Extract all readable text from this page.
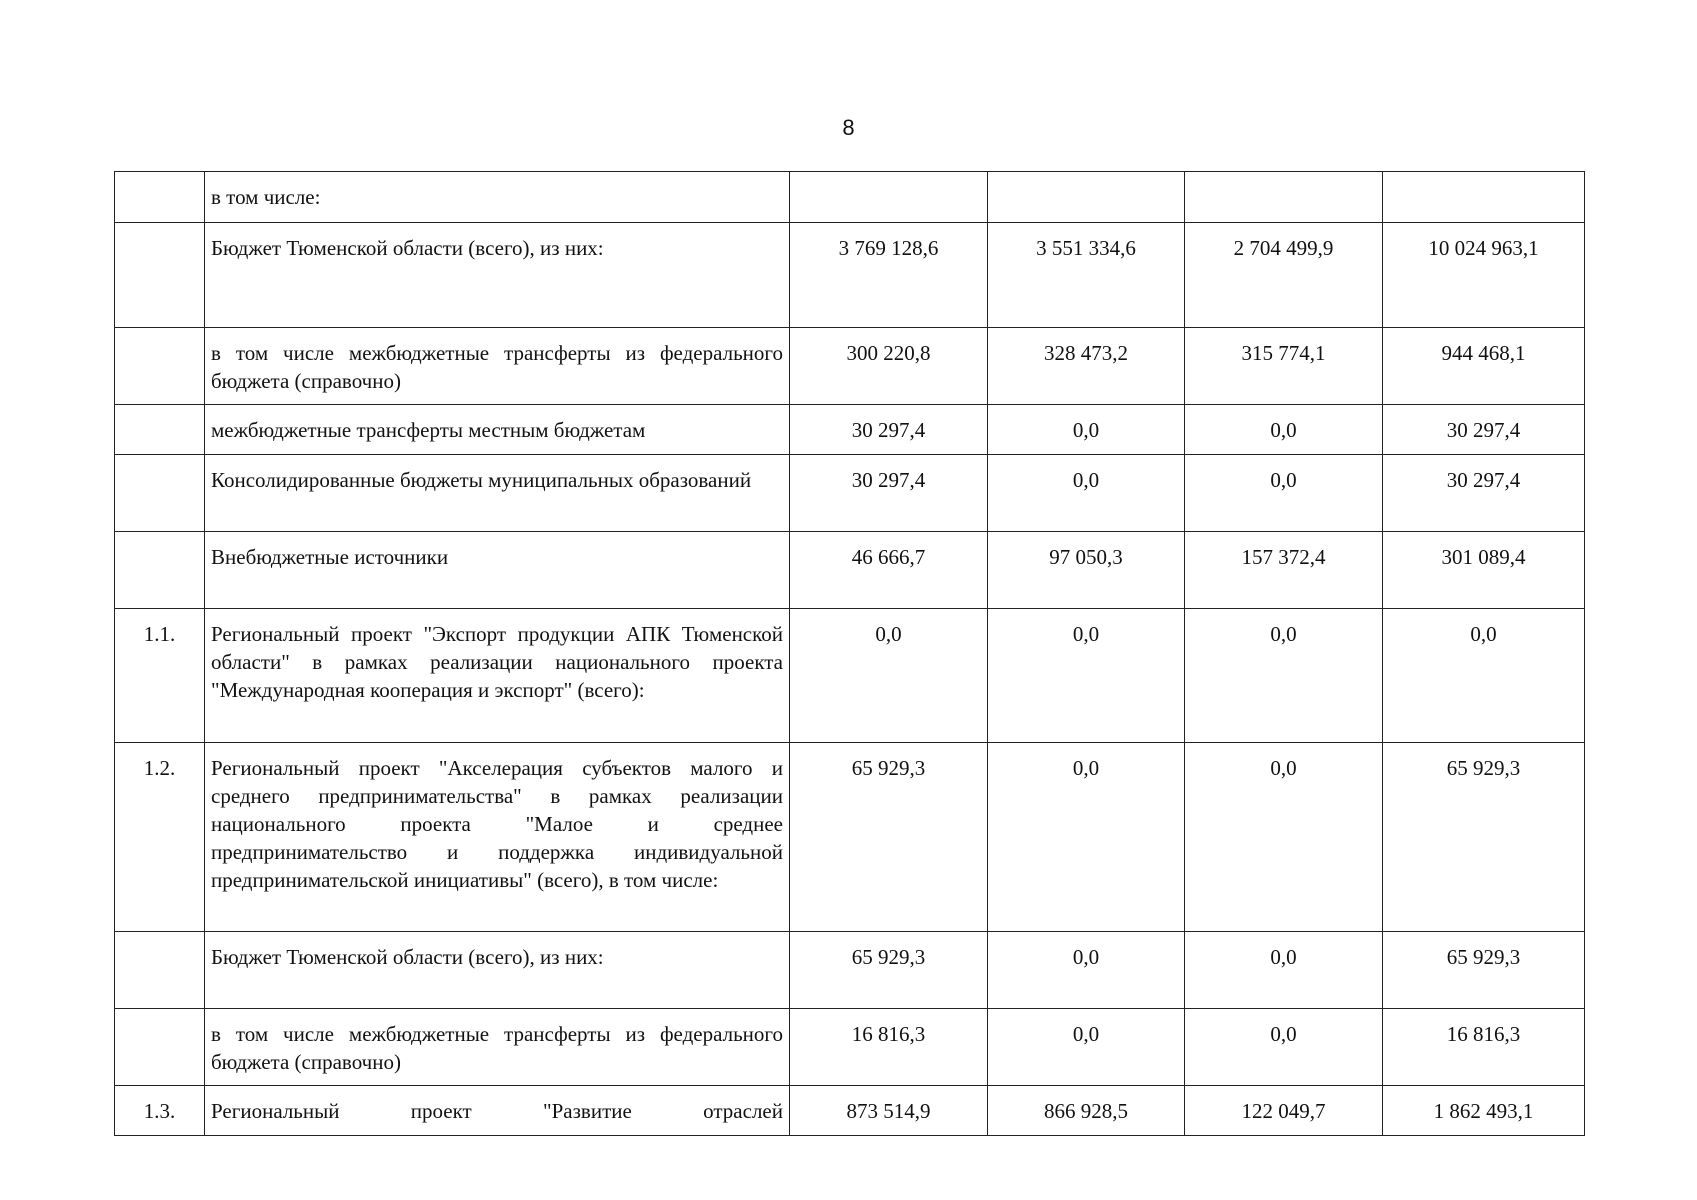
8
	в том числе:				
	Бюджет Тюменской области (всего), из них:	3 769 128,6	3 551 334,6	2 704 499,9	10 024 963,1
	в том числе межбюджетные трансферты из федерального бюджета (справочно)	300 220,8	328 473,2	315 774,1	944 468,1
	межбюджетные трансферты местным бюджетам	30 297,4	0,0	0,0	30 297,4
	Консолидированные бюджеты муниципальных образований	30 297,4	0,0	0,0	30 297,4
	Внебюджетные источники	46 666,7	97 050,3	157 372,4	301 089,4
1.1.	Региональный проект "Экспорт продукции АПК Тюменской области" в рамках реализации национального проекта "Международная кооперация и экспорт" (всего):	0,0	0,0	0,0	0,0
1.2.	Региональный проект "Акселерация субъектов малого и среднего предпринимательства" в рамках реализации национального проекта "Малое и среднее предпринимательство и поддержка индивидуальной предпринимательской инициативы" (всего), в том числе:	65 929,3	0,0	0,0	65 929,3
	Бюджет Тюменской области (всего), из них:	65 929,3	0,0	0,0	65 929,3
	в том числе межбюджетные трансферты из федерального бюджета (справочно)	16 816,3	0,0	0,0	16 816,3
1.3.	Региональный проект "Развитие отраслей	873 514,9	866 928,5	122 049,7	1 862 493,1
